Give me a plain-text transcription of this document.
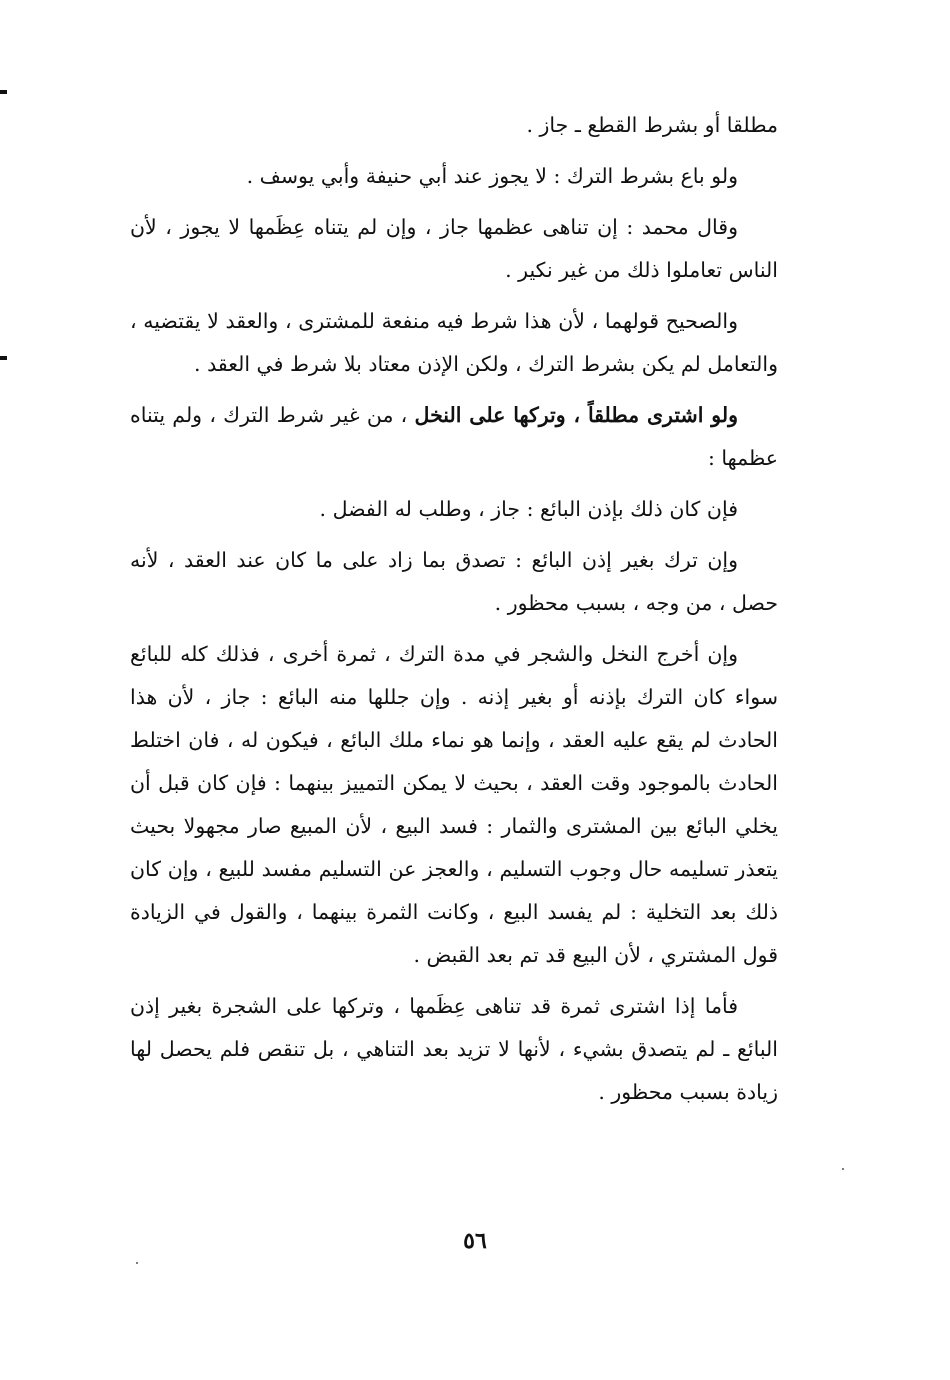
مطلقا أو بشرط القطع ـ جاز .

ولو باع بشرط الترك : لا يجوز عند أبي حنيفة وأبي يوسف .

وقال محمد : إن تناهى عظمها جاز ، وإن لم يتناه عِظَمها لا يجوز ، لأن الناس تعاملوا ذلك من غير نكير .

والصحيح قولهما ، لأن هذا شرط فيه منفعة للمشترى ، والعقد لا يقتضيه ، والتعامل لم يكن بشرط الترك ، ولكن الإذن معتاد بلا شرط في العقد .

ولو اشترى مطلقاً ، وتركها على النخل ، من غير شرط الترك ، ولم يتناه عظمها :

فإن كان ذلك بإذن البائع : جاز ، وطلب له الفضل .

وإن ترك بغير إذن البائع : تصدق بما زاد على ما كان عند العقد ، لأنه حصل ، من وجه ، بسبب محظور .

وإن أخرج النخل والشجر في مدة الترك ، ثمرة أخرى ، فذلك كله للبائع سواء كان الترك بإذنه أو بغير إذنه . وإن جللها منه البائع : جاز ، لأن هذا الحادث لم يقع عليه العقد ، وإنما هو نماء ملك البائع ، فيكون له ، فان اختلط الحادث بالموجود وقت العقد ، بحيث لا يمكن التمييز بينهما : فإن كان قبل أن يخلي البائع بين المشترى والثمار : فسد البيع ، لأن المبيع صار مجهولا بحيث يتعذر تسليمه حال وجوب التسليم ، والعجز عن التسليم مفسد للبيع ، وإن كان ذلك بعد التخلية : لم يفسد البيع ، وكانت الثمرة بينهما ، والقول في الزيادة قول المشتري ، لأن البيع قد تم بعد القبض .

فأما إذا اشترى ثمرة قد تناهى عِظَمها ، وتركها على الشجرة بغير إذن البائع ـ لم يتصدق بشيء ، لأنها لا تزيد بعد التناهي ، بل تنقص فلم يحصل لها زيادة بسبب محظور .

٥٦
